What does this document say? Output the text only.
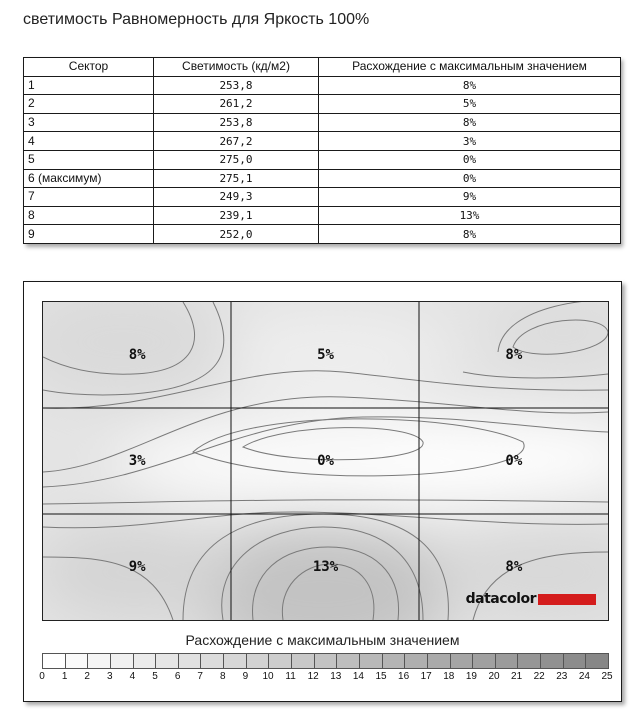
светимость Равномерность для Яркость 100%
Сектор	Светимость (кд/м2)	Расхождение с максимальным значением
1	253,8	8%
2	261,2	5%
3	253,8	8%
4	267,2	3%
5	275,0	0%
6 (максимум)	275,1	0%
7	249,3	9%
8	239,1	13%
9	252,0	8%
datacolor
8%	5%	8%
3%	0%	0%
9%	13%	8%
Расхождение с максимальным значением
0 1 2 3 4 5 6 7 8 9 10 11 12 13 14 15 16 17 18 19 20 21 22 23 24 25
